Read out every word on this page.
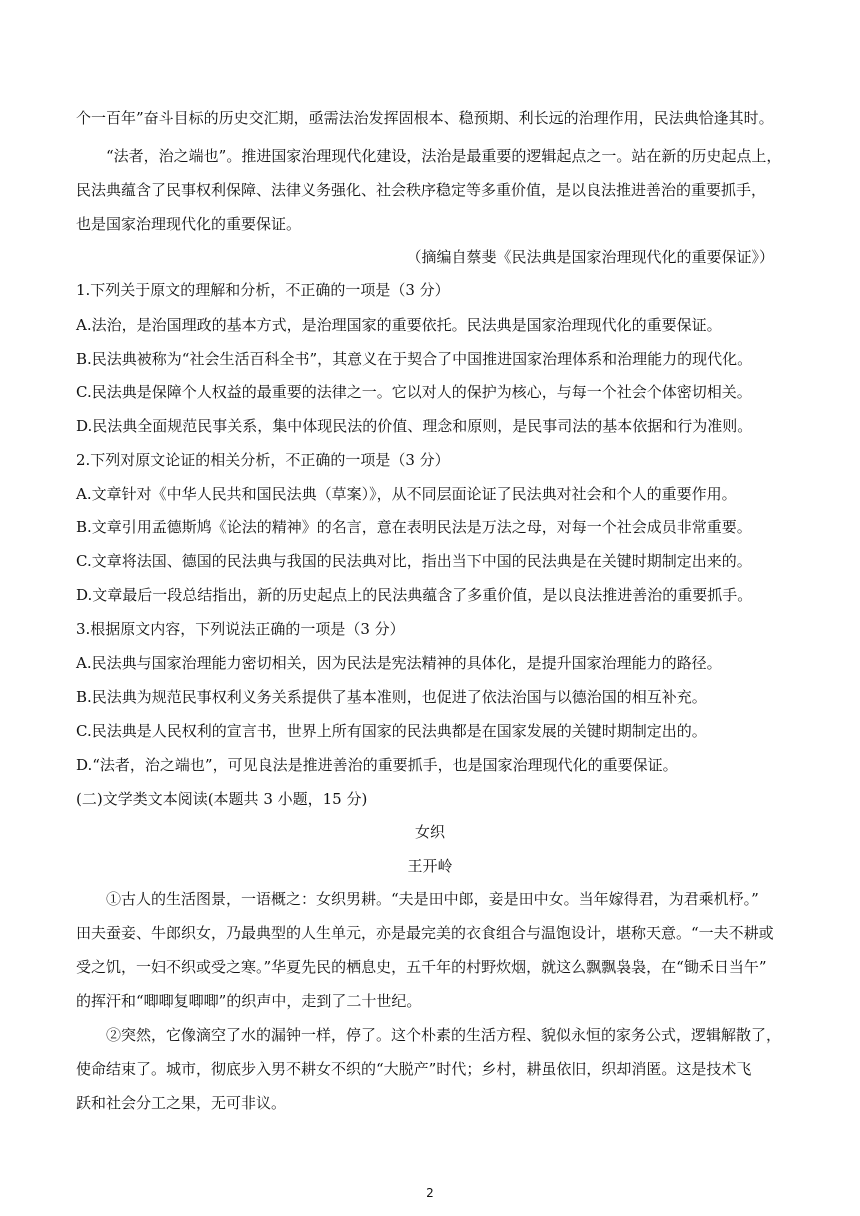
个一百年”奋斗目标的历史交汇期，亟需法治发挥固根本、稳预期、利长远的治理作用，民法典恰逢其时。
“法者，治之端也”。推进国家治理现代化建设，法治是最重要的逻辑起点之一。站在新的历史起点上，
民法典蕴含了民事权利保障、法律义务强化、社会秩序稳定等多重价值，是以良法推进善治的重要抓手，
也是国家治理现代化的重要保证。
（摘编自蔡斐《民法典是国家治理现代化的重要保证》）
1.下列关于原文的理解和分析，不正确的一项是（3 分）
A.法治，是治国理政的基本方式，是治理国家的重要依托。民法典是国家治理现代化的重要保证。
B.民法典被称为“社会生活百科全书”，其意义在于契合了中国推进国家治理体系和治理能力的现代化。
C.民法典是保障个人权益的最重要的法律之一。它以对人的保护为核心，与每一个社会个体密切相关。
D.民法典全面规范民事关系，集中体现民法的价值、理念和原则，是民事司法的基本依据和行为准则。
2.下列对原文论证的相关分析，不正确的一项是（3 分）
A.文章针对《中华人民共和国民法典（草案）》，从不同层面论证了民法典对社会和个人的重要作用。
B.文章引用孟德斯鸠《论法的精神》的名言，意在表明民法是万法之母，对每一个社会成员非常重要。
C.文章将法国、德国的民法典与我国的民法典对比，指出当下中国的民法典是在关键时期制定出来的。
D.文章最后一段总结指出，新的历史起点上的民法典蕴含了多重价值，是以良法推进善治的重要抓手。
3.根据原文内容，下列说法正确的一项是（3 分）
A.民法典与国家治理能力密切相关，因为民法是宪法精神的具体化，是提升国家治理能力的路径。
B.民法典为规范民事权利义务关系提供了基本准则，也促进了依法治国与以德治国的相互补充。
C.民法典是人民权利的宣言书，世界上所有国家的民法典都是在国家发展的关键时期制定出的。
D.“法者，治之端也”，可见良法是推进善治的重要抓手，也是国家治理现代化的重要保证。
(二)文学类文本阅读(本题共 3 小题，15 分)
女织
王开岭
①古人的生活图景，一语概之：女织男耕。“夫是田中郎，妾是田中女。当年嫁得君，为君乘机杼。”
田夫蚕妾、牛郎织女，乃最典型的人生单元，亦是最完美的衣食组合与温饱设计，堪称天意。“一夫不耕或
受之饥，一妇不织或受之寒。”华夏先民的栖息史，五千年的村野炊烟，就这么飘飘袅袅，在“锄禾日当午”
的挥汗和“唧唧复唧唧”的织声中，走到了二十世纪。
②突然，它像滴空了水的漏钟一样，停了。这个朴素的生活方程、貌似永恒的家务公式，逻辑解散了，
使命结束了。城市，彻底步入男不耕女不织的“大脱产”时代；乡村，耕虽依旧，织却消匿。这是技术飞
跃和社会分工之果，无可非议。
2
